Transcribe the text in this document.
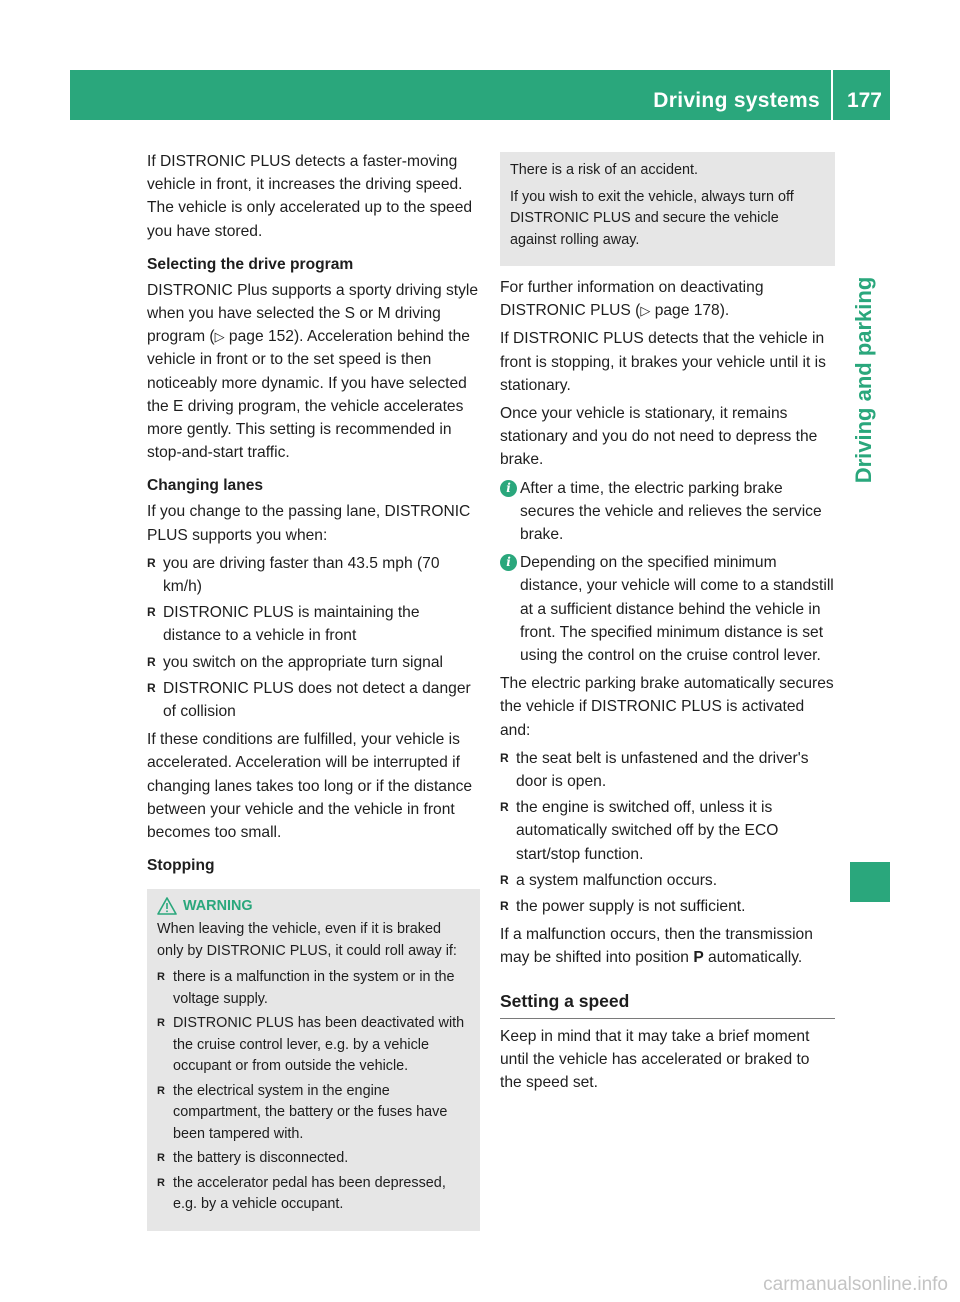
Driving systems 177
Driving and parking

If DISTRONIC PLUS detects a faster-moving vehicle in front, it increases the driving speed. The vehicle is only accelerated up to the speed you have stored.

Selecting the drive program

DISTRONIC Plus supports a sporty driving style when you have selected the S or M driving program (▷ page 152). Acceleration behind the vehicle in front or to the set speed is then noticeably more dynamic. If you have selected the E driving program, the vehicle accelerates more gently. This setting is recommended in stop-and-start traffic.

Changing lanes

If you change to the passing lane, DISTRONIC PLUS supports you when:

R you are driving faster than 43.5 mph (70 km/h)
R DISTRONIC PLUS is maintaining the distance to a vehicle in front
R you switch on the appropriate turn signal
R DISTRONIC PLUS does not detect a danger of collision

If these conditions are fulfilled, your vehicle is accelerated. Acceleration will be interrupted if changing lanes takes too long or if the distance between your vehicle and the vehicle in front becomes too small.

Stopping
WARNING

When leaving the vehicle, even if it is braked only by DISTRONIC PLUS, it could roll away if:

R there is a malfunction in the system or in the voltage supply.
R DISTRONIC PLUS has been deactivated with the cruise control lever, e.g. by a vehicle occupant or from outside the vehicle.
R the electrical system in the engine compartment, the battery or the fuses have been tampered with.
R the battery is disconnected.
R the accelerator pedal has been depressed, e.g. by a vehicle occupant.

There is a risk of an accident.

If you wish to exit the vehicle, always turn off DISTRONIC PLUS and secure the vehicle against rolling away.

For further information on deactivating DISTRONIC PLUS (▷ page 178).

If DISTRONIC PLUS detects that the vehicle in front is stopping, it brakes your vehicle until it is stationary.

Once your vehicle is stationary, it remains stationary and you do not need to depress the brake.

i After a time, the electric parking brake secures the vehicle and relieves the service brake.

i Depending on the specified minimum distance, your vehicle will come to a standstill at a sufficient distance behind the vehicle in front. The specified minimum distance is set using the control on the cruise control lever.

The electric parking brake automatically secures the vehicle if DISTRONIC PLUS is activated and:

R the seat belt is unfastened and the driver's door is open.
R the engine is switched off, unless it is automatically switched off by the ECO start/stop function.
R a system malfunction occurs.
R the power supply is not sufficient.

If a malfunction occurs, then the transmission may be shifted into position P automatically.

Setting a speed

Keep in mind that it may take a brief moment until the vehicle has accelerated or braked to the speed set.

carmanualsonline.info
